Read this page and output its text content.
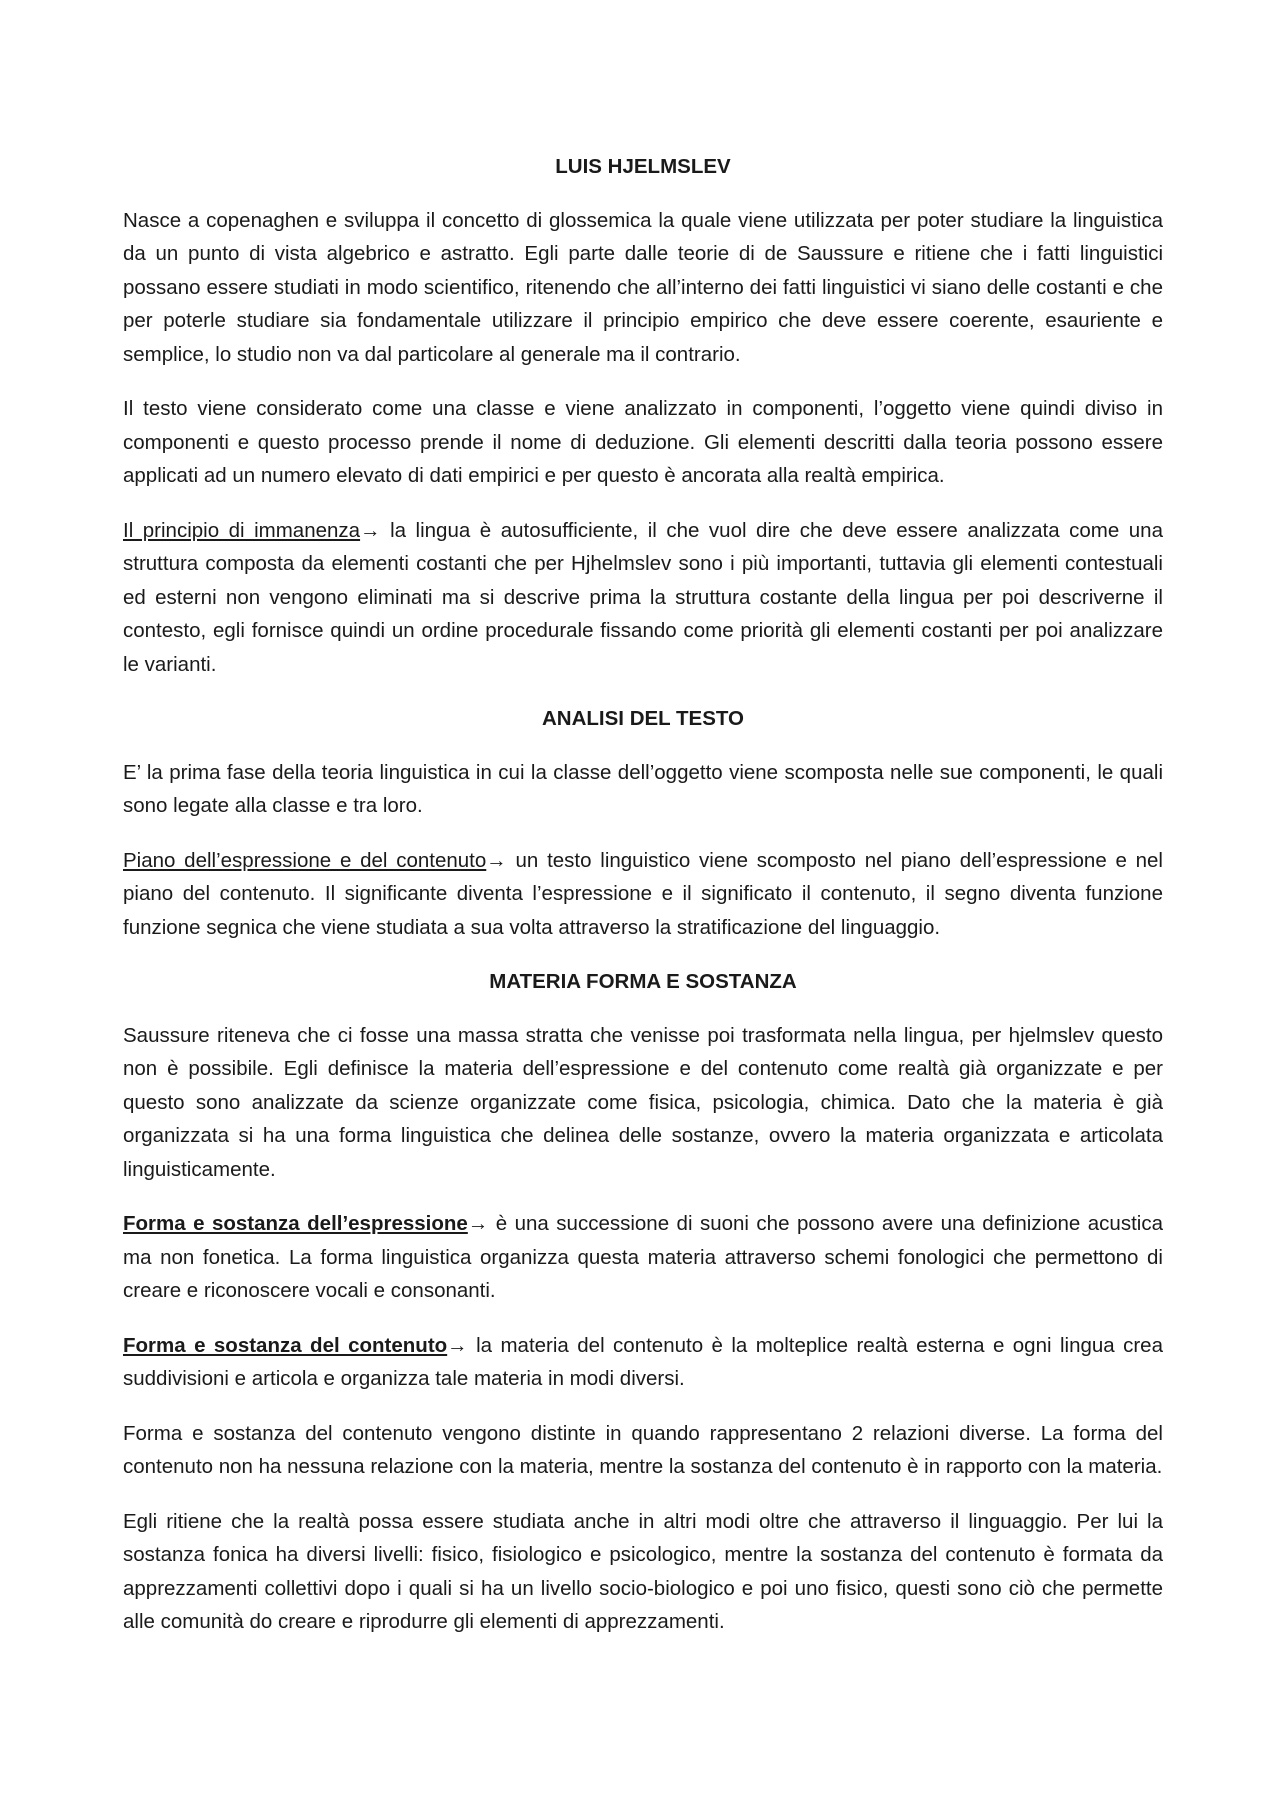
LUIS HJELMSLEV

Nasce a copenaghen e sviluppa il concetto di glossemica la quale viene utilizzata per poter studiare la linguistica da un punto di vista algebrico e astratto. Egli parte dalle teorie di de Saussure e ritiene che i fatti linguistici possano essere studiati in modo scientifico, ritenendo che all’interno dei fatti linguistici vi siano delle costanti e che per poterle studiare sia fondamentale utilizzare il principio empirico che deve essere coerente, esauriente e semplice, lo studio non va dal particolare al generale ma il contrario.

Il testo viene considerato come una classe e viene analizzato in componenti, l’oggetto viene quindi diviso in componenti e questo processo prende il nome di deduzione. Gli elementi descritti dalla teoria possono essere applicati ad un numero elevato di dati empirici e per questo è ancorata alla realtà empirica.

Il principio di immanenza→ la lingua è autosufficiente, il che vuol dire che deve essere analizzata come una struttura composta da elementi costanti che per Hjhelmslev sono i più importanti, tuttavia gli elementi contestuali ed esterni non vengono eliminati ma si descrive prima la struttura costante della lingua per poi descriverne il contesto, egli fornisce quindi un ordine procedurale fissando come priorità gli elementi costanti per poi analizzare le varianti.

ANALISI DEL TESTO

E’ la prima fase della teoria linguistica in cui la classe dell’oggetto viene scomposta nelle sue componenti, le quali sono legate alla classe e tra loro.

Piano dell’espressione e del contenuto→ un testo linguistico viene scomposto nel piano dell’espressione e nel piano del contenuto. Il significante diventa l’espressione e il significato il contenuto, il segno diventa funzione funzione segnica che viene studiata a sua volta attraverso la stratificazione del linguaggio.

MATERIA FORMA E SOSTANZA

Saussure riteneva che ci fosse una massa stratta che venisse poi trasformata nella lingua, per hjelmslev questo non è possibile. Egli definisce la materia dell’espressione e del contenuto come realtà già organizzate e per questo sono analizzate da scienze organizzate come fisica, psicologia, chimica. Dato che la materia è già organizzata si ha una forma linguistica che delinea delle sostanze, ovvero la materia organizzata e articolata linguisticamente.

Forma e sostanza dell’espressione→ è una successione di suoni che possono avere una definizione acustica ma non fonetica. La forma linguistica organizza questa materia attraverso schemi fonologici che permettono di creare e riconoscere vocali e consonanti.

Forma e sostanza del contenuto→ la materia del contenuto è la molteplice realtà esterna e ogni lingua crea suddivisioni e articola e organizza tale materia in modi diversi.

Forma e sostanza del contenuto vengono distinte in quando rappresentano 2 relazioni diverse. La forma del contenuto non ha nessuna relazione con la materia, mentre la sostanza del contenuto è in rapporto con la materia.

Egli ritiene che la realtà possa essere studiata anche in altri modi oltre che attraverso il linguaggio. Per lui la sostanza fonica ha diversi livelli: fisico, fisiologico e psicologico, mentre la sostanza del contenuto è formata da apprezzamenti collettivi dopo i quali si ha un livello socio-biologico e poi uno fisico, questi sono ciò che permette alle comunità do creare e riprodurre gli elementi di apprezzamenti.
